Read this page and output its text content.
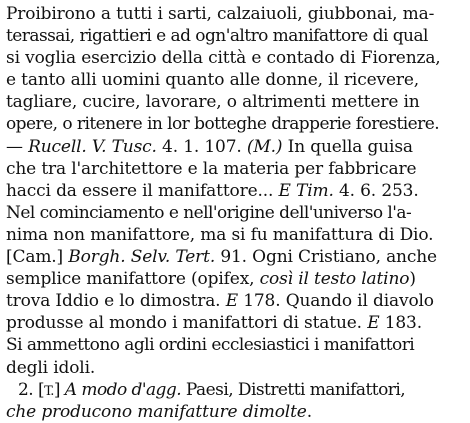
Proibirono a tutti i sarti, calzaiuoli, giubbonai, ma-
terassai, rigattieri e ad ogn'altro manifattore di qual
si voglia esercizio della città e contado di Fiorenza,
e tanto alli uomini quanto alle donne, il ricevere,
tagliare, cucire, lavorare, o altrimenti mettere in
opere, o ritenere in lor botteghe drapperie forestiere.
— Rucell. V. Tusc. 4. 1. 107. (M.) In quella guisa
che tra l'architettore e la materia per fabbricare
hacci da essere il manifattore... E Tim. 4. 6. 253.
Nel cominciamento e nell'origine dell'universo l'a-
nima non manifattore, ma si fu manifattura di Dio.
[Cam.] Borgh. Selv. Tert. 91. Ogni Cristiano, anche
semplice manifattore (opifex, così il testo latino)
trova Iddio e lo dimostra. E 178. Quando il diavolo
produsse al mondo i manifattori di statue. E 183.
Si ammettono agli ordini ecclesiastici i manifattori
degli idoli.
2. [T.] A modo d'agg. Paesi, Distretti manifattori,
che producono manifatture dimolte.
